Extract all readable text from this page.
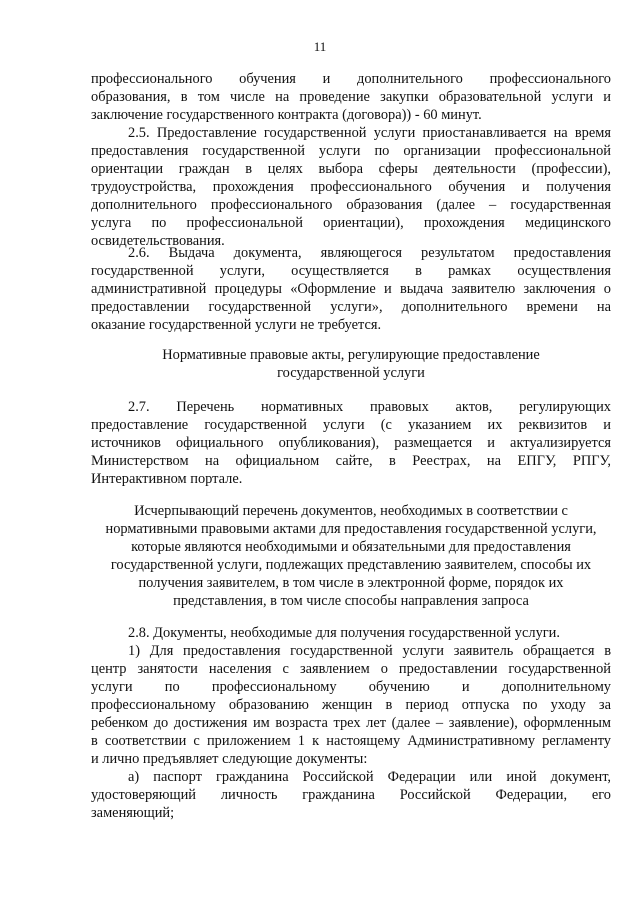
11
профессионального обучения и дополнительного профессионального
образования, в том числе на проведение закупки образовательной услуги и
заключение государственного контракта (договора)) - 60 минут.
2.5. Предоставление государственной услуги приостанавливается на время
предоставления государственной услуги по организации профессиональной
ориентации граждан в целях выбора сферы деятельности (профессии),
трудоустройства, прохождения профессионального обучения и получения
дополнительного профессионального образования (далее – государственная
услуга по профессиональной ориентации), прохождения медицинского
освидетельствования.
2.6. Выдача документа, являющегося результатом предоставления
государственной услуги, осуществляется в рамках осуществления
административной процедуры «Оформление и выдача заявителю заключения о
предоставлении государственной услуги», дополнительного времени на
оказание государственной услуги не требуется.
Нормативные правовые акты, регулирующие предоставление
государственной услуги
2.7. Перечень нормативных правовых актов, регулирующих
предоставление государственной услуги (с указанием их реквизитов и
источников официального опубликования), размещается и актуализируется
Министерством на официальном сайте, в Реестрах, на ЕПГУ, РПГУ,
Интерактивном портале.
Исчерпывающий перечень документов, необходимых в соответствии с
нормативными правовыми актами для предоставления государственной услуги,
которые являются необходимыми и обязательными для предоставления
государственной услуги, подлежащих представлению заявителем, способы их
получения заявителем, в том числе в электронной форме, порядок их
представления, в том числе способы направления запроса
2.8. Документы, необходимые для получения государственной услуги.
1) Для предоставления государственной услуги заявитель обращается в
центр занятости населения с заявлением о предоставлении государственной
услуги по профессиональному обучению и дополнительному
профессиональному образованию женщин в период отпуска по уходу за
ребенком до достижения им возраста трех лет (далее – заявление), оформленным
в соответствии с приложением 1 к настоящему Административному регламенту
и лично предъявляет следующие документы:
а) паспорт гражданина Российской Федерации или иной документ,
удостоверяющий личность гражданина Российской Федерации, его
заменяющий;
